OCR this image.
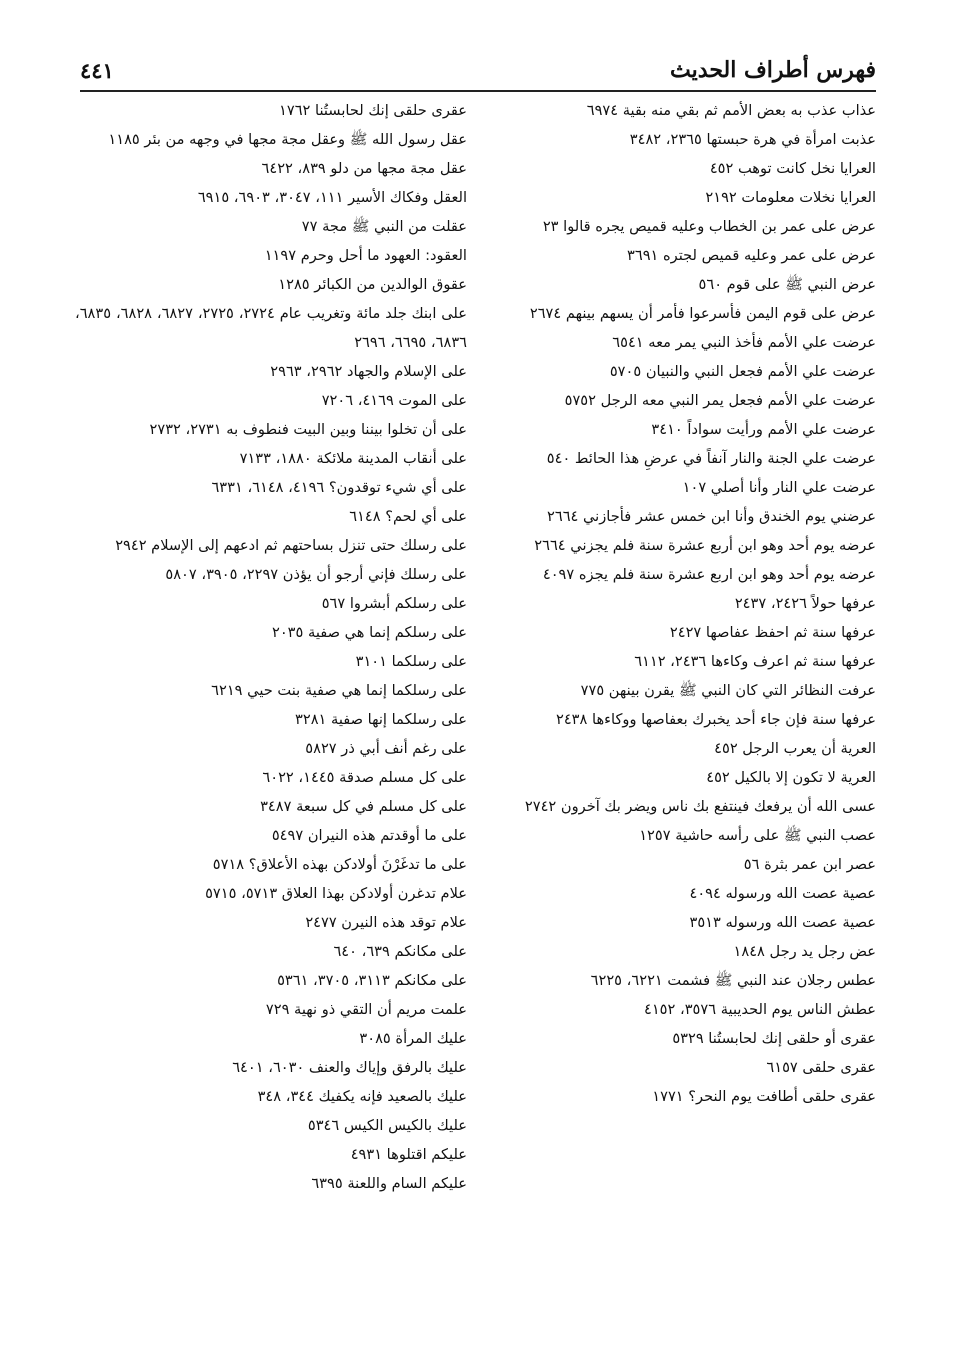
فهرس أطراف الحديث
٤٤١

عذاب عذب به بعض الأمم ثم بقي منه بقية ٦٩٧٤

عذبت امرأة في هرة حبستها ٢٣٦٥، ٣٤٨٢

العرايا نخل كانت توهب ٤٥٢

العرايا نخلات معلومات ٢١٩٢

عرض على عمر بن الخطاب وعليه قميص يجره قالوا ٢٣

عرض على عمر وعليه قميص لجتره ٣٦٩١

عرض النبي ﷺ على قوم ٥٦٠

عرض على قوم اليمن فأسرعوا فأمر أن يسهم بينهم ٢٦٧٤

عرضت علي الأمم فأخذ النبي يمر معه ٦٥٤١

عرضت علي الأمم فجعل النبي والنبيان ٥٧٠٥

عرضت علي الأمم فجعل يمر النبي معه الرجل ٥٧٥٢

عرضت علي الأمم ورأيت سواداً ٣٤١٠

عرضت علي الجنة والنار آنفاً في عرضِ هذا الحائط ٥٤٠

عرضت علي النار وأنا أصلي ١٠٧

عرضني يوم الخندق وأنا ابن خمس عشر فأجازني ٢٦٦٤

عرضه يوم أحد وهو ابن أربع عشرة سنة فلم يجزني ٢٦٦٤

عرضه يوم أحد وهو ابن اربع عشرة سنة فلم يجزه ٤٠٩٧

عرفها حولاً ٢٤٢٦، ٢٤٣٧

عرفها سنة ثم احفظ عفاصها ٢٤٢٧

عرفها سنة ثم اعرف وكاءها ٢٤٣٦، ٦١١٢

عرفت النظائر التي كان النبي ﷺ يقرن بينهن ٧٧٥

عرفها سنة فإن جاء أحد يخبرك بعفاصها ووكاءها ٢٤٣٨

العرية أن يعرب الرجل ٤٥٢

العرية لا تكون إلا بالكيل ٤٥٢

عسى الله أن يرفعك فينتفع بك ناس ويضر بك آخرون ٢٧٤٢

عصب النبي ﷺ على رأسه حاشية ١٢٥٧

عصر ابن عمر بثرة ٥٦

عصية عصت الله ورسوله ٤٠٩٤

عصية عصت الله ورسوله ٣٥١٣

عض رجل يد رجل ١٨٤٨

عطس رجلان عند النبي ﷺ فشمت ٦٢٢١، ٦٢٢٥

عطش الناس يوم الحديبية ٣٥٧٦، ٤١٥٢

عقرى أو حلقى إنك لحابستُنا ٥٣٢٩

عقرى حلقى ٦١٥٧

عقرى حلقى أطافت يوم النحر؟ ١٧٧١

عقرى حلقى إنك لحابستُنا ١٧٦٢

عقل رسول الله ﷺ وعقل مجة مجها في وجهه من بئر ١١٨٥

عقل مجة مجها من دلو ٨٣٩، ٦٤٢٢

العقل وفكاك الأسير ١١١، ٣٠٤٧، ٦٩٠٣، ٦٩١٥

عقلت من النبي ﷺ مجة ٧٧

العقود: العهود ما أحل وحرم ١١٩٧

عقوق الوالدين من الكبائر ١٢٨٥

على ابنك جلد مائة وتغريب عام ٢٧٢٤، ٢٧٢٥، ٦٨٢٧، ٦٨٢٨، ٦٨٣٥، ٦٨٣٦، ٦٦٩٥، ٢٦٩٦

على الإسلام والجهاد ٢٩٦٢، ٢٩٦٣

على الموت ٤١٦٩، ٧٢٠٦

على أن تخلوا بيننا وبين البيت فنطوف به ٢٧٣١، ٢٧٣٢

على أنقاب المدينة ملائكة ١٨٨٠، ٧١٣٣

على أي شيء توقدون؟ ٤١٩٦، ٦١٤٨، ٦٣٣١

على أي لحم؟ ٦١٤٨

على رسلك حتى تنزل بساحتهم ثم ادعهم إلى الإسلام ٢٩٤٢

على رسلك فإني أرجو أن يؤذن ٢٢٩٧، ٣٩٠٥، ٥٨٠٧

على رسلكم أبشروا ٥٦٧

على رسلكم إنما هي صفية ٢٠٣٥

على رسلكما ٣١٠١

على رسلكما إنما هي صفية بنت حيي ٦٢١٩

على رسلكما إنها صفية ٣٢٨١

على رغم أنف أبي ذر ٥٨٢٧

على كل مسلم صدقة ١٤٤٥، ٦٠٢٢

على كل مسلم في كل سبعة ٣٤٨٧

على ما أوقدتم هذه النيران ٥٤٩٧

على ما تدغَرْنَ أولادكن بهذه الأعلاق؟ ٥٧١٨

علام تدغرن أولادكن بهذا العلاق ٥٧١٣، ٥٧١٥

علام توقد هذه النيرن ٢٤٧٧

على مكانكم ٦٣٩، ٦٤٠

على مكانكم ٣١١٣، ٣٧٠٥، ٥٣٦١

علمت مريم أن التقي ذو نهية ٧٢٩

عليك المرأة ٣٠٨٥

عليك بالرفق وإياك والعنف ٦٠٣٠، ٦٤٠١

عليك بالصعيد فإنه يكفيك ٣٤٤، ٣٤٨

عليك بالكيس الكيس ٥٣٤٦

عليكم اقتلوها ٤٩٣١

عليكم السام واللعنة ٦٣٩٥
